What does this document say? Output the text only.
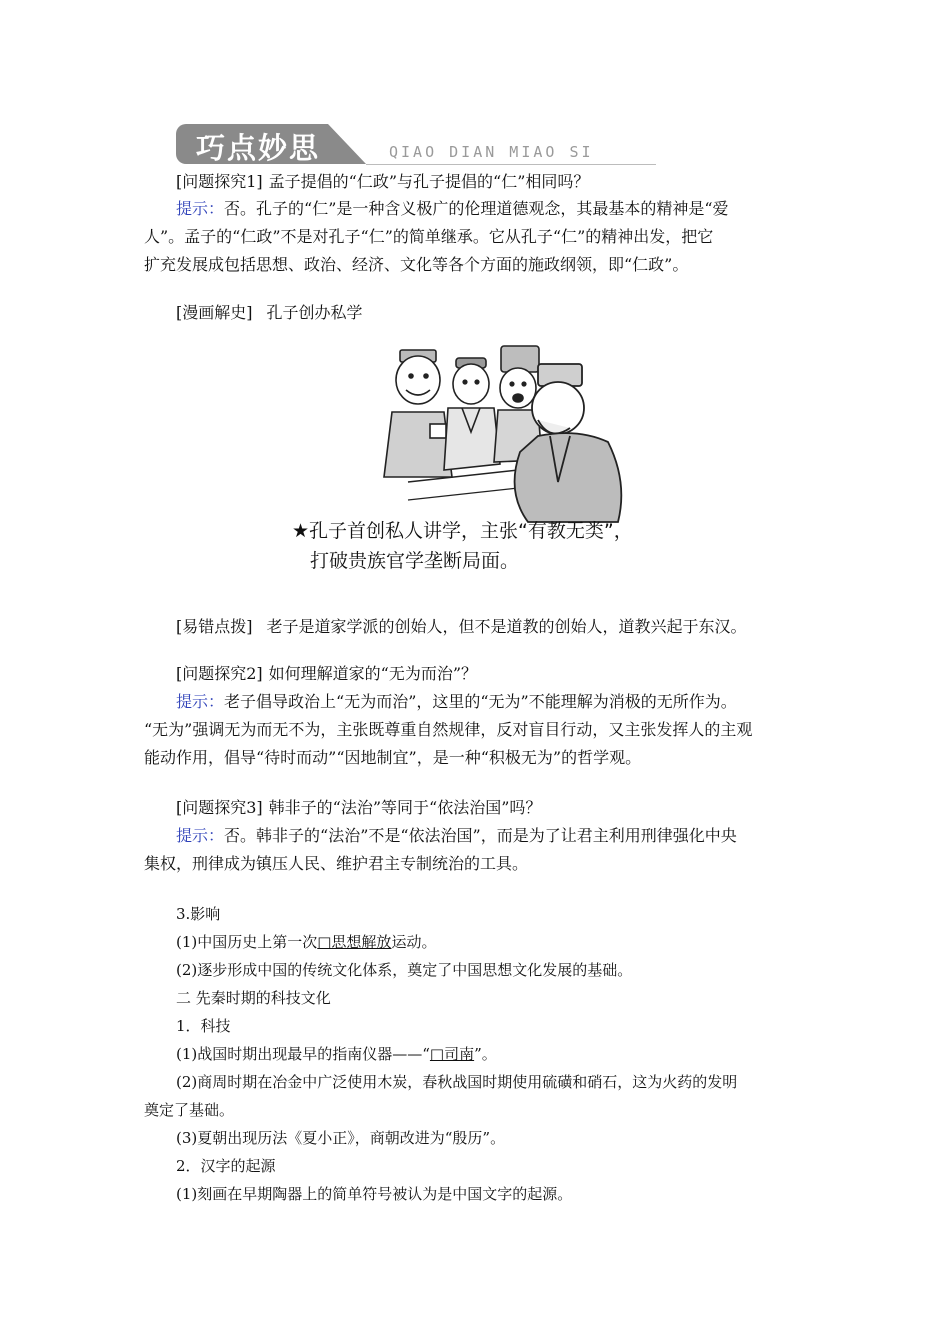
巧点妙思	QIAO DIAN MIAO SI
[问题探究1] 孟子提倡的“仁政”与孔子提倡的“仁”相同吗？
提示：否。孔子的“仁”是一种含义极广的伦理道德观念，其最基本的精神是“爱
人”。孟子的“仁政”不是对孔子“仁”的简单继承。它从孔子“仁”的精神出发，把它
扩充发展成包括思想、政治、经济、文化等各个方面的施政纲领，即“仁政”。
[漫画解史] 孔子创办私学
★孔子首创私人讲学，主张“有教无类”，
打破贵族官学垄断局面。
[易错点拨] 老子是道家学派的创始人，但不是道教的创始人，道教兴起于东汉。
[问题探究2] 如何理解道家的“无为而治”？
提示：老子倡导政治上“无为而治”，这里的“无为”不能理解为消极的无所作为。
“无为”强调无为而无不为，主张既尊重自然规律，反对盲目行动，又主张发挥人的主观
能动作用，倡导“待时而动”“因地制宜”，是一种“积极无为”的哲学观。
[问题探究3] 韩非子的“法治”等同于“依法治国”吗？
提示：否。韩非子的“法治”不是“依法治国”，而是为了让君主利用刑律强化中央
集权，刑律成为镇压人民、维护君主专制统治的工具。
3.影响
(1)中国历史上第一次□思想解放运动。
(2)逐步形成中国的传统文化体系，奠定了中国思想文化发展的基础。
二 先秦时期的科技文化
1．科技
(1)战国时期出现最早的指南仪器——“□司南”。
(2)商周时期在冶金中广泛使用木炭，春秋战国时期使用硫磺和硝石，这为火药的发明
奠定了基础。
(3)夏朝出现历法《夏小正》，商朝改进为“殷历”。
2．汉字的起源
(1)刻画在早期陶器上的简单符号被认为是中国文字的起源。
